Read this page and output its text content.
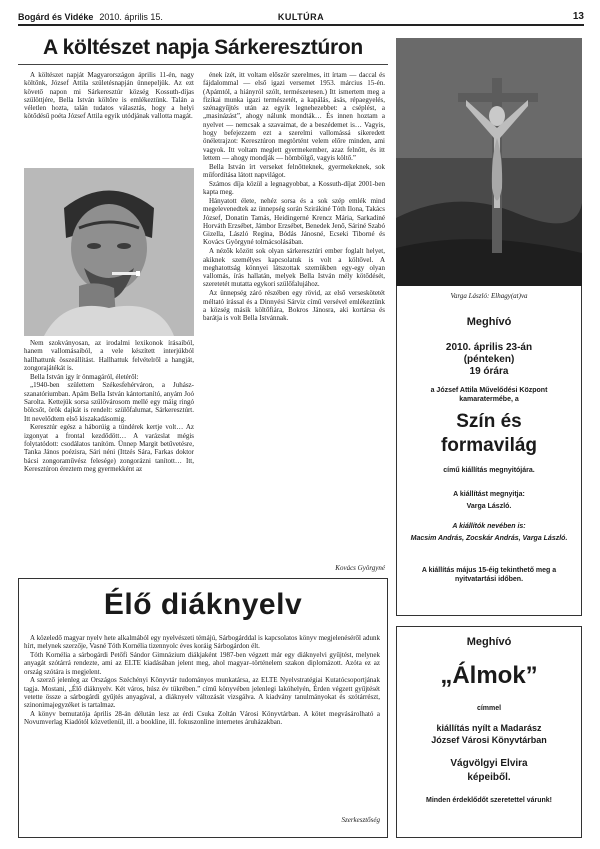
Bogárd és Vidéke 2010. április 15.	KULTÚRA	13
A költészet napja Sárkeresztúron

A költészet napját Magyarországon április 11-én, nagy költőnk, József Attila születésnapján ünnepeljük. Az ezt követő napon mi Sárkeresztúr község Kossuth-díjas szülöttjére, Bella István költőre is emlékeztünk. Talán a véletlen hozta, talán tudatos választás, hogy a helyi kötődésű poéta József Attila egyik utódjának vallotta magát.

Nem szokványosan, az irodalmi lexikonok írásaiból, hanem vallomásaiból, a vele készített interjúkból hallhattunk összeállítást. Hallhattuk felvételről a hangját, zongorajátékát is.

Bella István így ír önmagáról, életéről:

„1940-ben születtem Székesfehérváron, a Juhász-szanatóriumban. Apám Bella István kántortanító, anyám Joó Sarolta. Kettejük sorsa szülővárosom mellé egy máig ringó bölcsőt, örök dajkát is rendelt: szülőfalumat, Sárkeresztúrt. Itt nevelődtem első kiszakadásomig.

Keresztúr egész a háborúig a tündérek kertje volt… Az izgonyat a frontal kezdődött… A varázslat mégis folytatódott: csodálatos tanítóm. Ünnep Margit betűvetésre, Tanka János poézisra, Sári néni (Ittzés Sára, Farkas doktor bácsi zongoraművész felesége) zongorázni tanított… Itt, Keresztúron éreztem meg gyermekként az

ének ízét, itt voltam először szerelmes, itt írtam — daccal és fájdalommal — első igazi versemet 1953. március 15-én. (Apámtól, a hiányról szólt, természetesen.) Itt ismertem meg a fizikai munka igazi természetét, a kapálás, ásás, répaegyelés, szénagyűjtés után az egyik legnehezebbet: a cséplést, a „masinázást”, ahogy nálunk mondták… És innen hoztam a nyelvet — nemcsak a szavaimat, de a beszédemet is… Vagyis, hogy befejezzem ezt a szerelmi vallomássá sikeredett önéletrajzot: Keresztúron megtörtént velem előre minden, ami vagyok. Itt voltam meglett gyermekember, azaz felnőtt, és itt lettem — ahogy mondják — hömbölgő, vagyis költő.”

Bella István írt verseket felnőtteknek, gyermekeknek, sok műfordítása látott napvilágot.

Számos díja közül a legnagyobbat, a Kossuth-díjat 2001-ben kapta meg.

Hányatott élete, nehéz sorsa és a sok szép emlék mind megelevenedtek az ünnepség során Szirákiné Tóth Ilona, Takács József, Donatin Tamás, Heidingerné Krencz Mária, Sarkadiné Horváth Erzsébet, Jámbor Erzsébet, Benedek Jenő, Sáriné Szabó Gizella, László Regina, Bódás Jánosné, Ecseki Tiborné és Kovács Györgyné tolmácsolásában.

A nézők között sok olyan sárkeresztúri ember foglalt helyet, akiknek személyes kapcsolatuk is volt a költővel. A meghatottság könnyei látszottak szemükben egy-egy olyan vallomás, írás hallatán, melyek Bella István mély kötődését, szeretetét mutatta egykori szülőfalujához.

Az ünnepség záró részében egy rövid, az első verseskötetét méltató írással és a Dinnyési Sárviz című versével emlékeztünk a község másik költőfiára, Bokros Jánosra, aki kortársa és barátja is volt Bella Istvánnak.

Kovács Györgyné
Varga László: Elhagy(at)va
Meghívó
2010. április 23-án
(pénteken)
19 órára
a József Attila Művelődési Központ kamaratermébe, a
Szín és
formavilág
című kiállítás megnyitójára.
A kiállítást megnyitja:
Varga László.
A kiállítók nevében is:
Macsim András, Zocskár András, Varga László.
A kiállítás május 15-éig tekinthető meg a nyitvatartási időben.
Élő diáknyelv

A közeledő magyar nyelv hete alkalmából egy nyelvészeti témájú, Sárbogárddal is kapcsolatos könyv megjelenéséről adunk hírt, melynek szerzője, Vasné Tóth Kornélia tizennyolc éves koráig Sárbogárdon élt.

Tóth Kornélia a sárbogárdi Petőfi Sándor Gimnázium diákjaként 1987-ben végzett már egy diáknyelvi gyűjtést, melynek anyagát szótárrá rendezte, ami az ELTE kiadásában jelent meg, ahol magyar–történelem szakon diplomázott. Azóta ez az ország szótára is megjelent.

A szerző jelenleg az Országos Széchényi Könyvtár tudományos munkatársa, az ELTE Nyelvstratégiai Kutatócsoportjának tagja. Mostani, „Élő diáknyelv. Két város, húsz év tükrében.” című könyvében jelenlegi lakóhelyén, Érden végzett gyűjtését vetette össze a sárbogárdi gyűjtés anyagával, a diáknyelv változását vizsgálva. A kiadvány tanulmányokat és szótárrészt, szinonimajegyzéket is tartalmaz.

A könyv bemutatója április 28-án délután lesz az érdi Csuka Zoltán Városi Könyvtárban. A kötet megvásárolható a Novumverlag Kiadótól közvetlenül, ill. a bookline, ill. fokuszonline internetes áruházakban.

Szerkesztőség
Meghívó
„Álmok”
címmel
kiállítás nyílt a Madarász
József Városi Könyvtárban
Vágvölgyi Elvira
képeiből.
Minden érdeklődőt szeretettel várunk!
